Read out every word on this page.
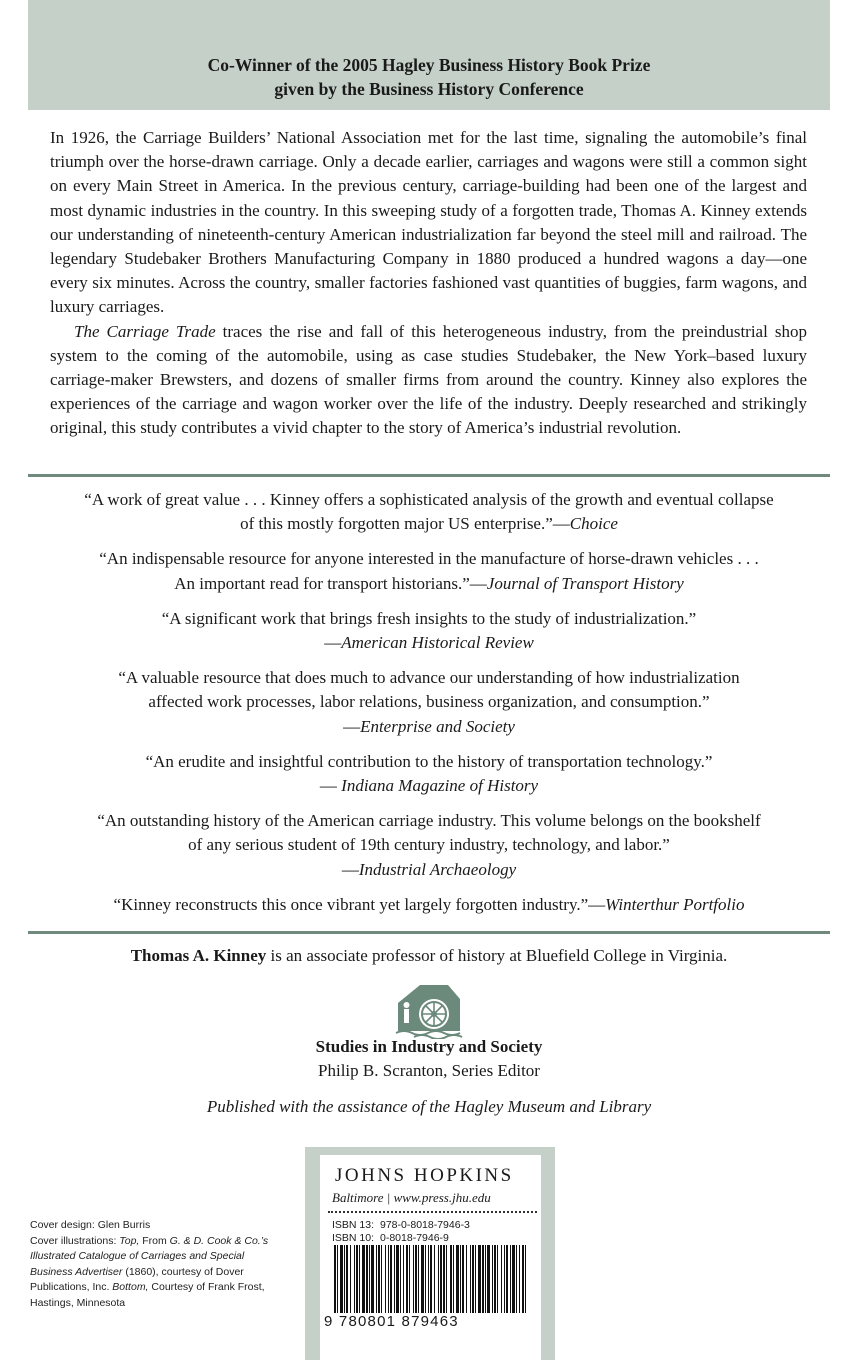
Co-Winner of the 2005 Hagley Business History Book Prize
given by the Business History Conference

In 1926, the Carriage Builders’ National Association met for the last time, signaling the automobile’s final triumph over the horse-drawn carriage. Only a decade earlier, carriages and wagons were still a common sight on every Main Street in America. In the previous century, carriage-building had been one of the largest and most dynamic industries in the country. In this sweeping study of a forgotten trade, Thomas A. Kinney extends our understanding of nineteenth-century American industrialization far beyond the steel mill and railroad. The legendary Studebaker Brothers Manufacturing Company in 1880 produced a hundred wagons a day—one every six minutes. Across the country, smaller factories fashioned vast quantities of buggies, farm wagons, and luxury carriages.

The Carriage Trade traces the rise and fall of this heterogeneous industry, from the preindustrial shop system to the coming of the automobile, using as case studies Studebaker, the New York–based luxury carriage-maker Brewsters, and dozens of smaller firms from around the country. Kinney also explores the experiences of the carriage and wagon worker over the life of the industry. Deeply researched and strikingly original, this study contributes a vivid chapter to the story of America’s industrial revolution.

“A work of great value . . . Kinney offers a sophisticated analysis of the growth and eventual collapse
of this mostly forgotten major US enterprise.”—Choice
“An indispensable resource for anyone interested in the manufacture of horse-drawn vehicles . . .
An important read for transport historians.”—Journal of Transport History
“A significant work that brings fresh insights to the study of industrialization.”
—American Historical Review
“A valuable resource that does much to advance our understanding of how industrialization
affected work processes, labor relations, business organization, and consumption.”
—Enterprise and Society
“An erudite and insightful contribution to the history of transportation technology.”
— Indiana Magazine of History
“An outstanding history of the American carriage industry. This volume belongs on the bookshelf
of any serious student of 19th century industry, technology, and labor.”
—Industrial Archaeology
“Kinney reconstructs this once vibrant yet largely forgotten industry.”—Winterthur Portfolio
Thomas A. Kinney is an associate professor of history at Bluefield College in Virginia.
Studies in Industry and Society
Philip B. Scranton, Series Editor
Published with the assistance of the Hagley Museum and Library
Cover design: Glen Burris
Cover illustrations: Top, From G. & D. Cook & Co.’s Illustrated Catalogue of Carriages and Special Business Advertiser (1860), courtesy of Dover Publications, Inc. Bottom, Courtesy of Frank Frost, Hastings, Minnesota
JOHNS HOPKINS
Baltimore | www.press.jhu.edu
ISBN 13: 978-0-8018-7946-3
ISBN 10: 0-8018-7946-9
9 780801 879463
